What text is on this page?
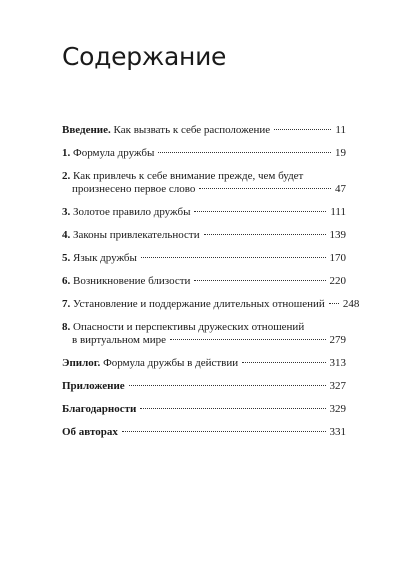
Содержание
Введение. Как вызвать к себе расположение	11
1. Формула дружбы	19
2. Как привлечь к себе внимание прежде, чем будет
произнесено первое слово	47
3. Золотое правило дружбы	111
4. Законы привлекательности	139
5. Язык дружбы	170
6. Возникновение близости	220
7. Установление и поддержание длительных отношений 248
8. Опасности и перспективы дружеских отношений
в виртуальном мире	279
Эпилог. Формула дружбы в действии	313
Приложение	327
Благодарности	329
Об авторах	331
